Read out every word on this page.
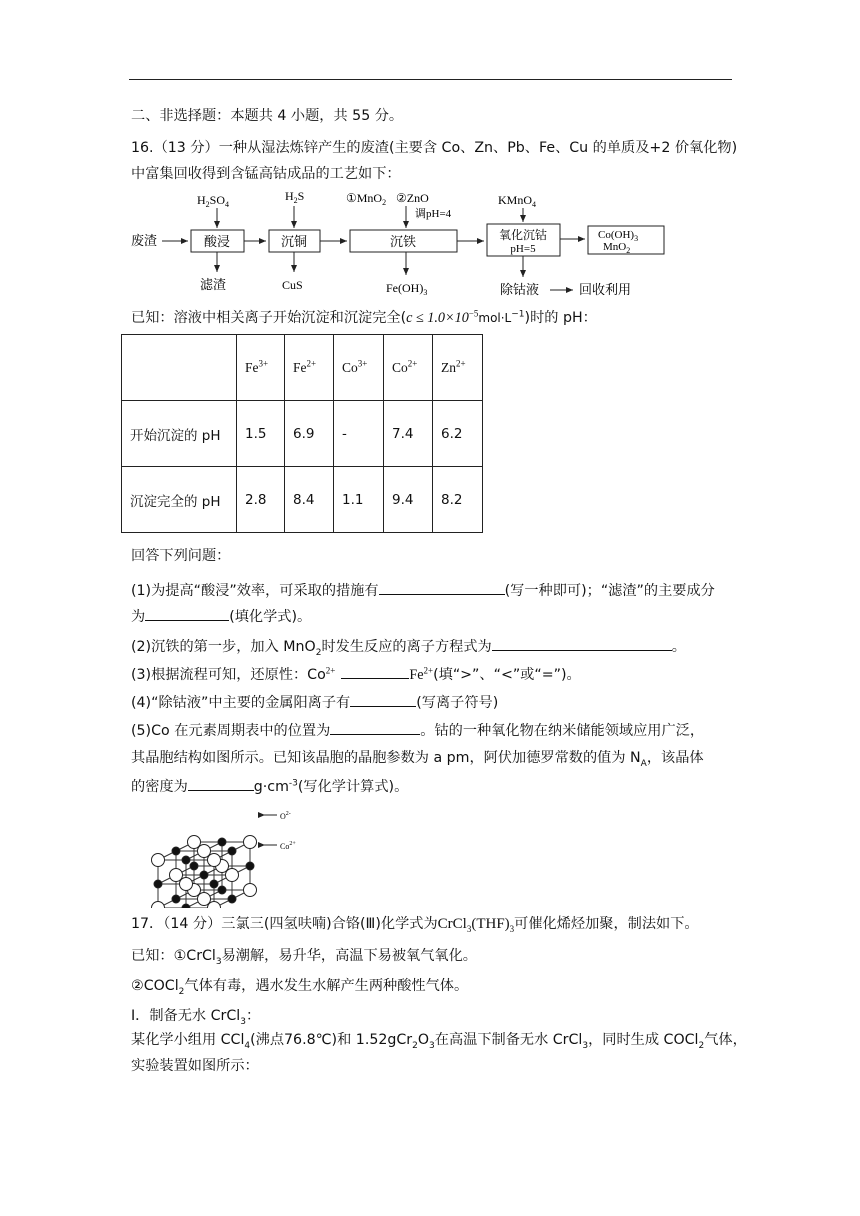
二、非选择题：本题共 4 小题，共 55 分。
16.（13 分）一种从湿法炼锌产生的废渣(主要含 Co、Zn、Pb、Fe、Cu 的单质及+2 价氧化物)
中富集回收得到含锰高钴成品的工艺如下：
废渣	酸浸	沉铜	沉铁	氧化沉钴
pH=5
$Co(OH)_3$
MnO$_2$
$H_2SO_4$
$H_2S$	①MnO$_2$ ②ZnO
调pH=4
KMnO$_4$
滤渣	CuS	$Fe(OH)_3$	除钴液	回收利用
已知：溶液中相关离子开始沉淀和沉淀完全$(c \le 1.0\times 10^{-5}mol\cdot L^{-1})$时的 pH：
	$Fe^{3+}$	$Fe^{2+}$	$Co^{3+}$	$Co^{2+}$	$Zn^{2+}$
开始沉淀的 pH	1.5	6.9	-	7.4	6.2
沉淀完全的 pH	2.8	8.4	1.1	9.4	8.2
回答下列问题：
(1)为提高“酸浸”效率，可采取的措施有	(写一种即可)；“滤渣”的主要成分
为	(填化学式)。
(2)沉铁的第一步，加入 MnO$_2$时发生反应的离子方程式为	。
(3)根据流程可知，还原性：$Co^{2+}$	$Fe^{2+}$(填“>”、“<”或“=”)。
(4)“除钴液”中主要的金属阳离子有	(写离子符号)
(5)Co 在元素周期表中的位置为	。钴的一种氧化物在纳米储能领域应用广泛，
其晶胞结构如图所示。已知该晶胞的晶胞参数为 a pm，阿伏加德罗常数的值为 $N_A$，该晶体
的密度为	$g\cdot cm^{-3}$(写化学计算式)。
$O^{2-}$
$Co^{2+}$
17．（14 分）三氯三(四氢呋喃)合铬(Ⅲ)化学式为$CrCl_3(THF)_3$可催化烯烃加聚，制法如下。
已知：①CrCl$_3$易潮解，易升华，高温下易被氧气氧化。
②COCl$_2$气体有毒，遇水发生水解产生两种酸性气体。
Ⅰ．制备无水 CrCl$_3$：
某化学小组用 CCl$_4$(沸点76.8℃)和 $1.52gCr_2O_3$在高温下制备无水 CrCl$_3$，同时生成 COCl$_2$气体，
实验装置如图所示：
